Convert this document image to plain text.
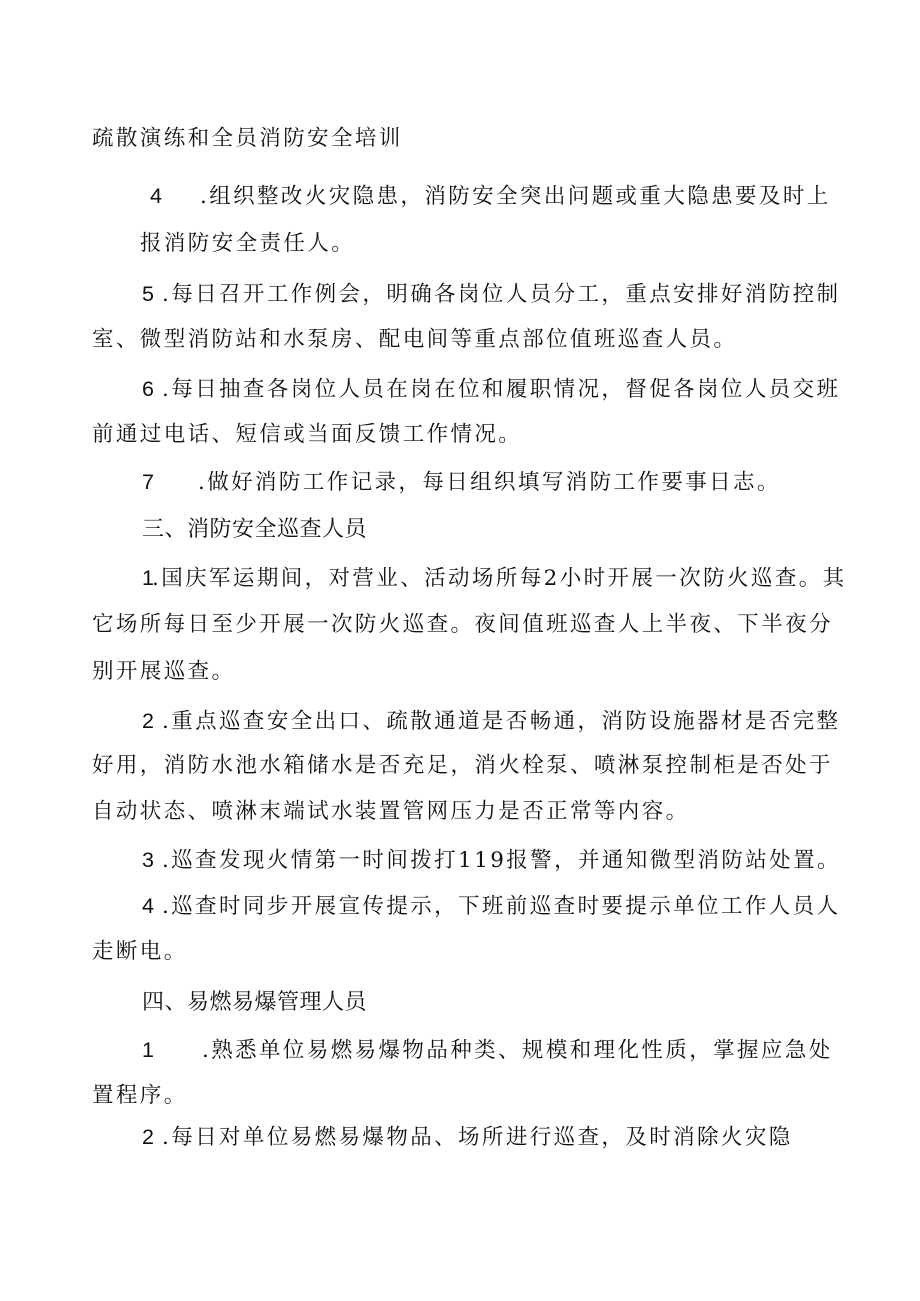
疏散演练和全员消防安全培训
4 .组织整改火灾隐患，消防安全突出问题或重大隐患要及时上
报消防安全责任人。
5 .每日召开工作例会，明确各岗位人员分工，重点安排好消防控制
室、微型消防站和水泵房、配电间等重点部位值班巡查人员。
6 .每日抽查各岗位人员在岗在位和履职情况，督促各岗位人员交班
前通过电话、短信或当面反馈工作情况。
7 .做好消防工作记录，每日组织填写消防工作要事日志。
三、消防安全巡查人员
1.国庆军运期间，对营业、活动场所每2小时开展一次防火巡查。其
它场所每日至少开展一次防火巡查。夜间值班巡查人上半夜、下半夜分
别开展巡查。
2 .重点巡查安全出口、疏散通道是否畅通，消防设施器材是否完整
好用，消防水池水箱储水是否充足，消火栓泵、喷淋泵控制柜是否处于
自动状态、喷淋末端试水装置管网压力是否正常等内容。
3 .巡查发现火情第一时间拨打119报警，并通知微型消防站处置。
4 .巡查时同步开展宣传提示，下班前巡查时要提示单位工作人员人
走断电。
四、易燃易爆管理人员
1 .熟悉单位易燃易爆物品种类、规模和理化性质，掌握应急处
置程序。
2 .每日对单位易燃易爆物品、场所进行巡查，及时消除火灾隐
